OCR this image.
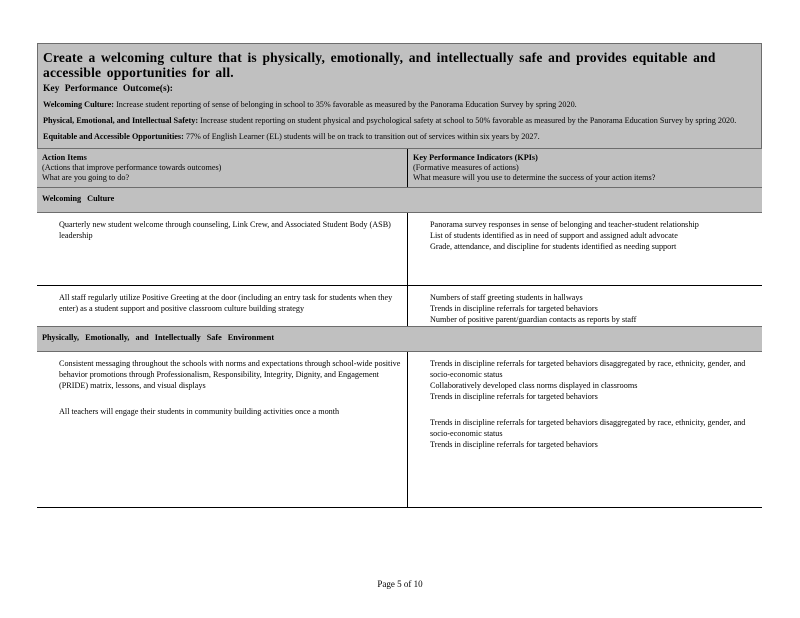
Create a welcoming culture that is physically, emotionally, and intellectually safe and provides equitable and accessible opportunities for all.
Key Performance Outcome(s):
Welcoming Culture: Increase student reporting of sense of belonging in school to 35% favorable as measured by the Panorama Education Survey by spring 2020.
Physical, Emotional, and Intellectual Safety: Increase student reporting on student physical and psychological safety at school to 50% favorable as measured by the Panorama Education Survey by spring 2020.
Equitable and Accessible Opportunities: 77% of English Learner (EL) students will be on track to transition out of services within six years by 2027.
Action Items
(Actions that improve performance towards outcomes)
What are you going to do?
Key Performance Indicators (KPIs)
(Formative measures of actions)
What measure will you use to determine the success of your action items?
Welcoming Culture
Quarterly new student welcome through counseling, Link Crew, and Associated Student Body (ASB) leadership
Panorama survey responses in sense of belonging and teacher-student relationship
List of students identified as in need of support and assigned adult advocate
Grade, attendance, and discipline for students identified as needing support
All staff regularly utilize Positive Greeting at the door (including an entry task for students when they enter) as a student support and positive classroom culture building strategy
Numbers of staff greeting students in hallways
Trends in discipline referrals for targeted behaviors
Number of positive parent/guardian contacts as reports by staff
Physically, Emotionally, and Intellectually Safe Environment
Consistent messaging throughout the schools with norms and expectations through school-wide positive behavior promotions through Professionalism, Responsibility, Integrity, Dignity, and Engagement (PRIDE) matrix, lessons, and visual displays
All teachers will engage their students in community building activities once a month
Trends in discipline referrals for targeted behaviors disaggregated by race, ethnicity, gender, and socio-economic status
Collaboratively developed class norms displayed in classrooms
Trends in discipline referrals for targeted behaviors
Trends in discipline referrals for targeted behaviors disaggregated by race, ethnicity, gender, and socio-economic status
Trends in discipline referrals for targeted behaviors
Page 5 of 10
